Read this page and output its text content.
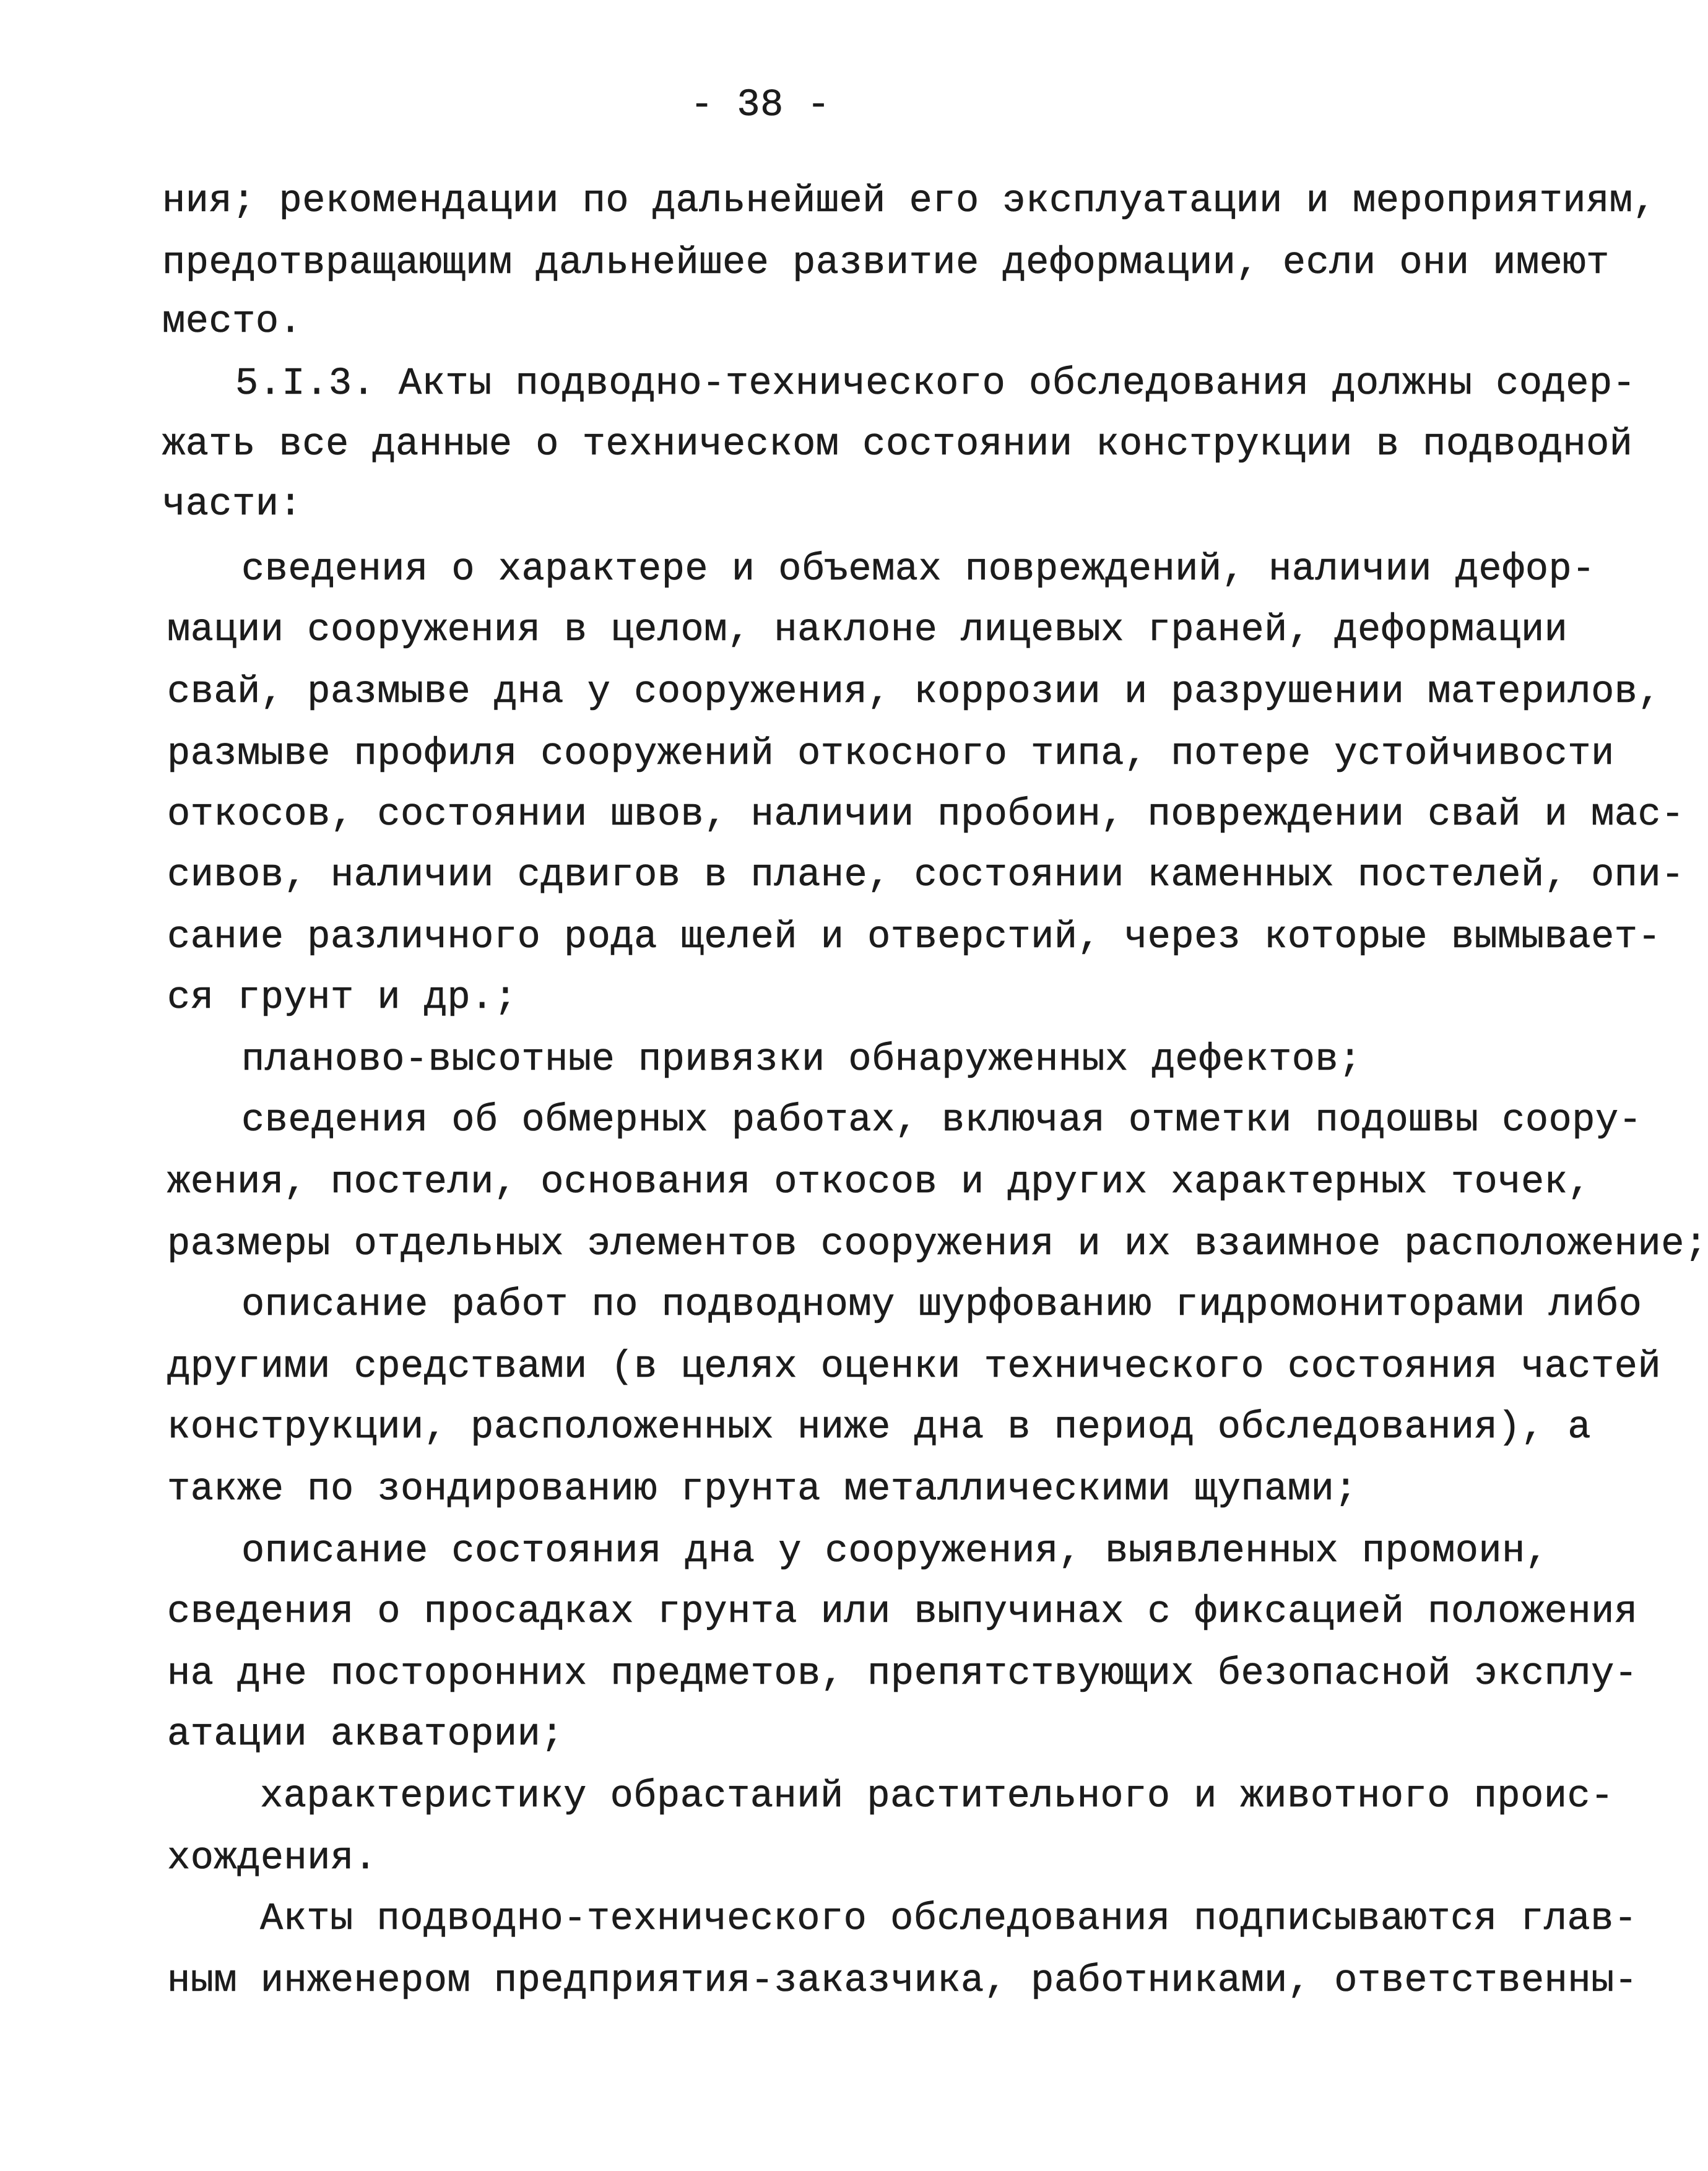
- 38 -
ния; рекомендации по дальнейшей его эксплуатации и мероприятиям,
предотвращающим дальнейшее развитие деформации, если они имеют
место.
5.I.3. Акты подводно-технического обследования должны содер-
жать все данные о техническом состоянии конструкции в подводной
части:
сведения о характере и объемах повреждений, наличии дефор-
мации сооружения в целом, наклоне лицевых граней, деформации
свай, размыве дна у сооружения, коррозии и разрушении материлов,
размыве профиля сооружений откосного типа, потере устойчивости
откосов, состоянии швов, наличии пробоин, повреждении свай и мас-
сивов, наличии сдвигов в плане, состоянии каменных постелей, опи-
сание различного рода щелей и отверстий, через которые вымывает-
ся грунт и др.;
планово-высотные привязки обнаруженных дефектов;
сведения об обмерных работах, включая отметки подошвы соору-
жения, постели, основания откосов и других характерных точек,
размеры отдельных элементов сооружения и их взаимное расположение;
описание работ по подводному шурфованию гидромониторами либо
другими средствами (в целях оценки технического состояния частей
конструкции, расположенных ниже дна в период обследования), а
также по зондированию грунта металлическими щупами;
описание состояния дна у сооружения, выявленных промоин,
сведения о просадках грунта или выпучинах с фиксацией положения
на дне посторонних предметов, препятствующих безопасной эксплу-
атации акватории;
характеристику обрастаний растительного и животного проис-
хождения.
Акты подводно-технического обследования подписываются глав-
ным инженером предприятия-заказчика, работниками, ответственны-
